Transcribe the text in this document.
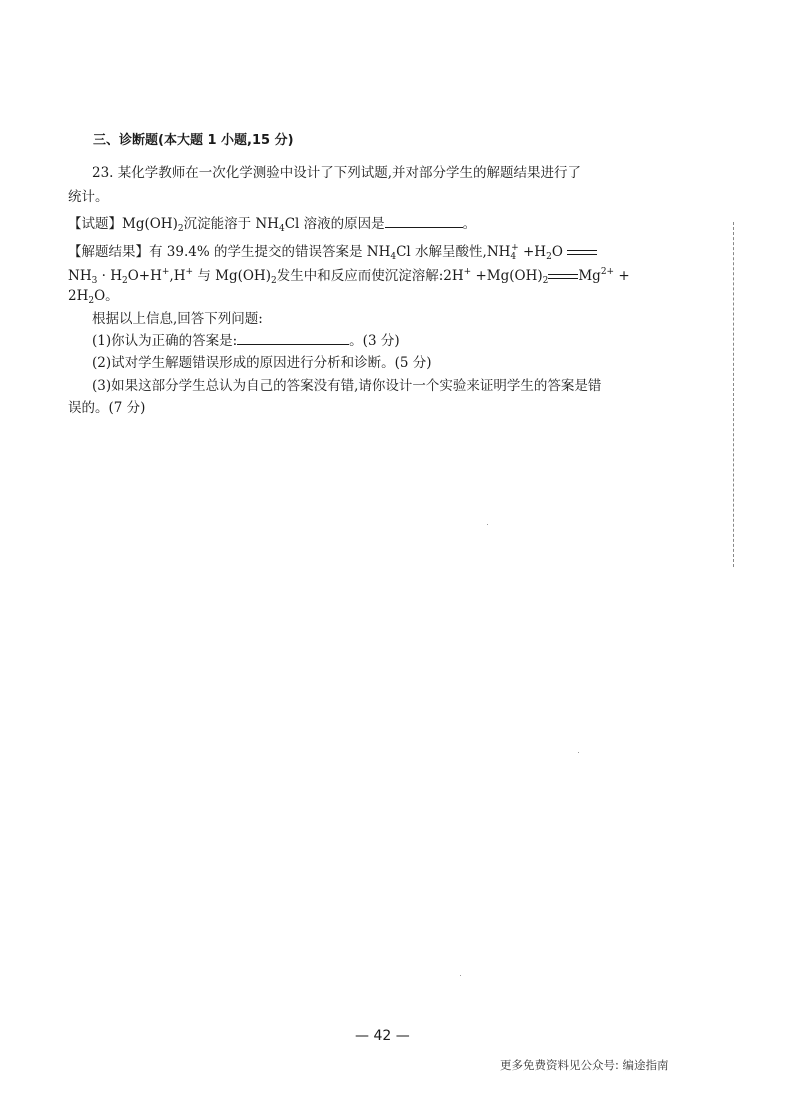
三、诊断题(本大题 1 小题,15 分)
23. 某化学教师在一次化学测验中设计了下列试题,并对部分学生的解题结果进行了
统计。
【试题】$Mg(OH)_2$沉淀能溶于 $NH_4Cl$ 溶液的原因是	。
【解题结果】有 39.4% 的学生提交的错误答案是 $NH_4Cl$ 水解呈酸性$,NH_4^+ +H_2O$
$NH_3 \cdot H_2O+H^+,H^+$ 与 $Mg(OH)_2$发生中和反应而使沉淀溶解:2H+ $+Mg(OH)_2$ $Mg^{2+}$ +
$2H_2O$。
根据以上信息,回答下列问题:
(1)你认为正确的答案是:	。(3 分)
(2)试对学生解题错误形成的原因进行分析和诊断。(5 分)
(3)如果这部分学生总认为自己的答案没有错,请你设计一个实验来证明学生的答案是错
误的。(7 分)
— 42 —
更多免费资料见公众号: 编途指南
